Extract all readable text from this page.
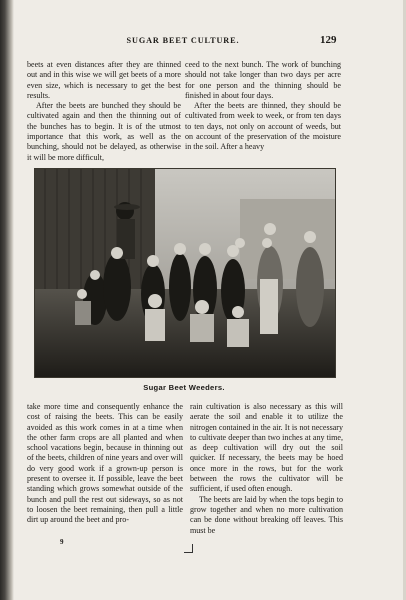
SUGAR BEET CULTURE.	129

beets at even distances after they are thinned out and in this wise we will get beets of a more even size, which is necessary to get the best results.

After the beets are bunched they should be cultivated again and then the thinning out of the bunches has to begin. It is of the utmost importance that this work, as well as the bunching, should not be delayed, as otherwise it will be more difficult,

ceed to the next bunch. The work of bunching should not take longer than two days per acre for one person and the thinning should be finished in about four days.

After the beets are thinned, they should be cultivated from week to week, or from ten days to ten days, not only on account of weeds, but on account of the preservation of the moisture in the soil. After a heavy

Sugar Beet Weeders.

take more time and consequently enhance the cost of raising the beets. This can be easily avoided as this work comes in at a time when the other farm crops are all planted and when school vacations begin, because in thinning out of the beets, children of nine years and over will do very good work if a grown-up person is present to oversee it. If possible, leave the beet standing which grows somewhat outside of the bunch and pull the rest out sideways, so as not to loosen the beet remaining, then pull a little dirt up around the beet and pro-

rain cultivation is also necessary as this will aerate the soil and enable it to utilize the nitrogen contained in the air. It is not necessary to cultivate deeper than two inches at any time, as deep cultivation will dry out the soil quicker. If necessary, the beets may be hoed once more in the rows, but for the work between the rows the cultivator will be sufficient, if used often enough.

The beets are laid by when the tops begin to grow together and when no more cultivation can be done without breaking off leaves. This must be

9
